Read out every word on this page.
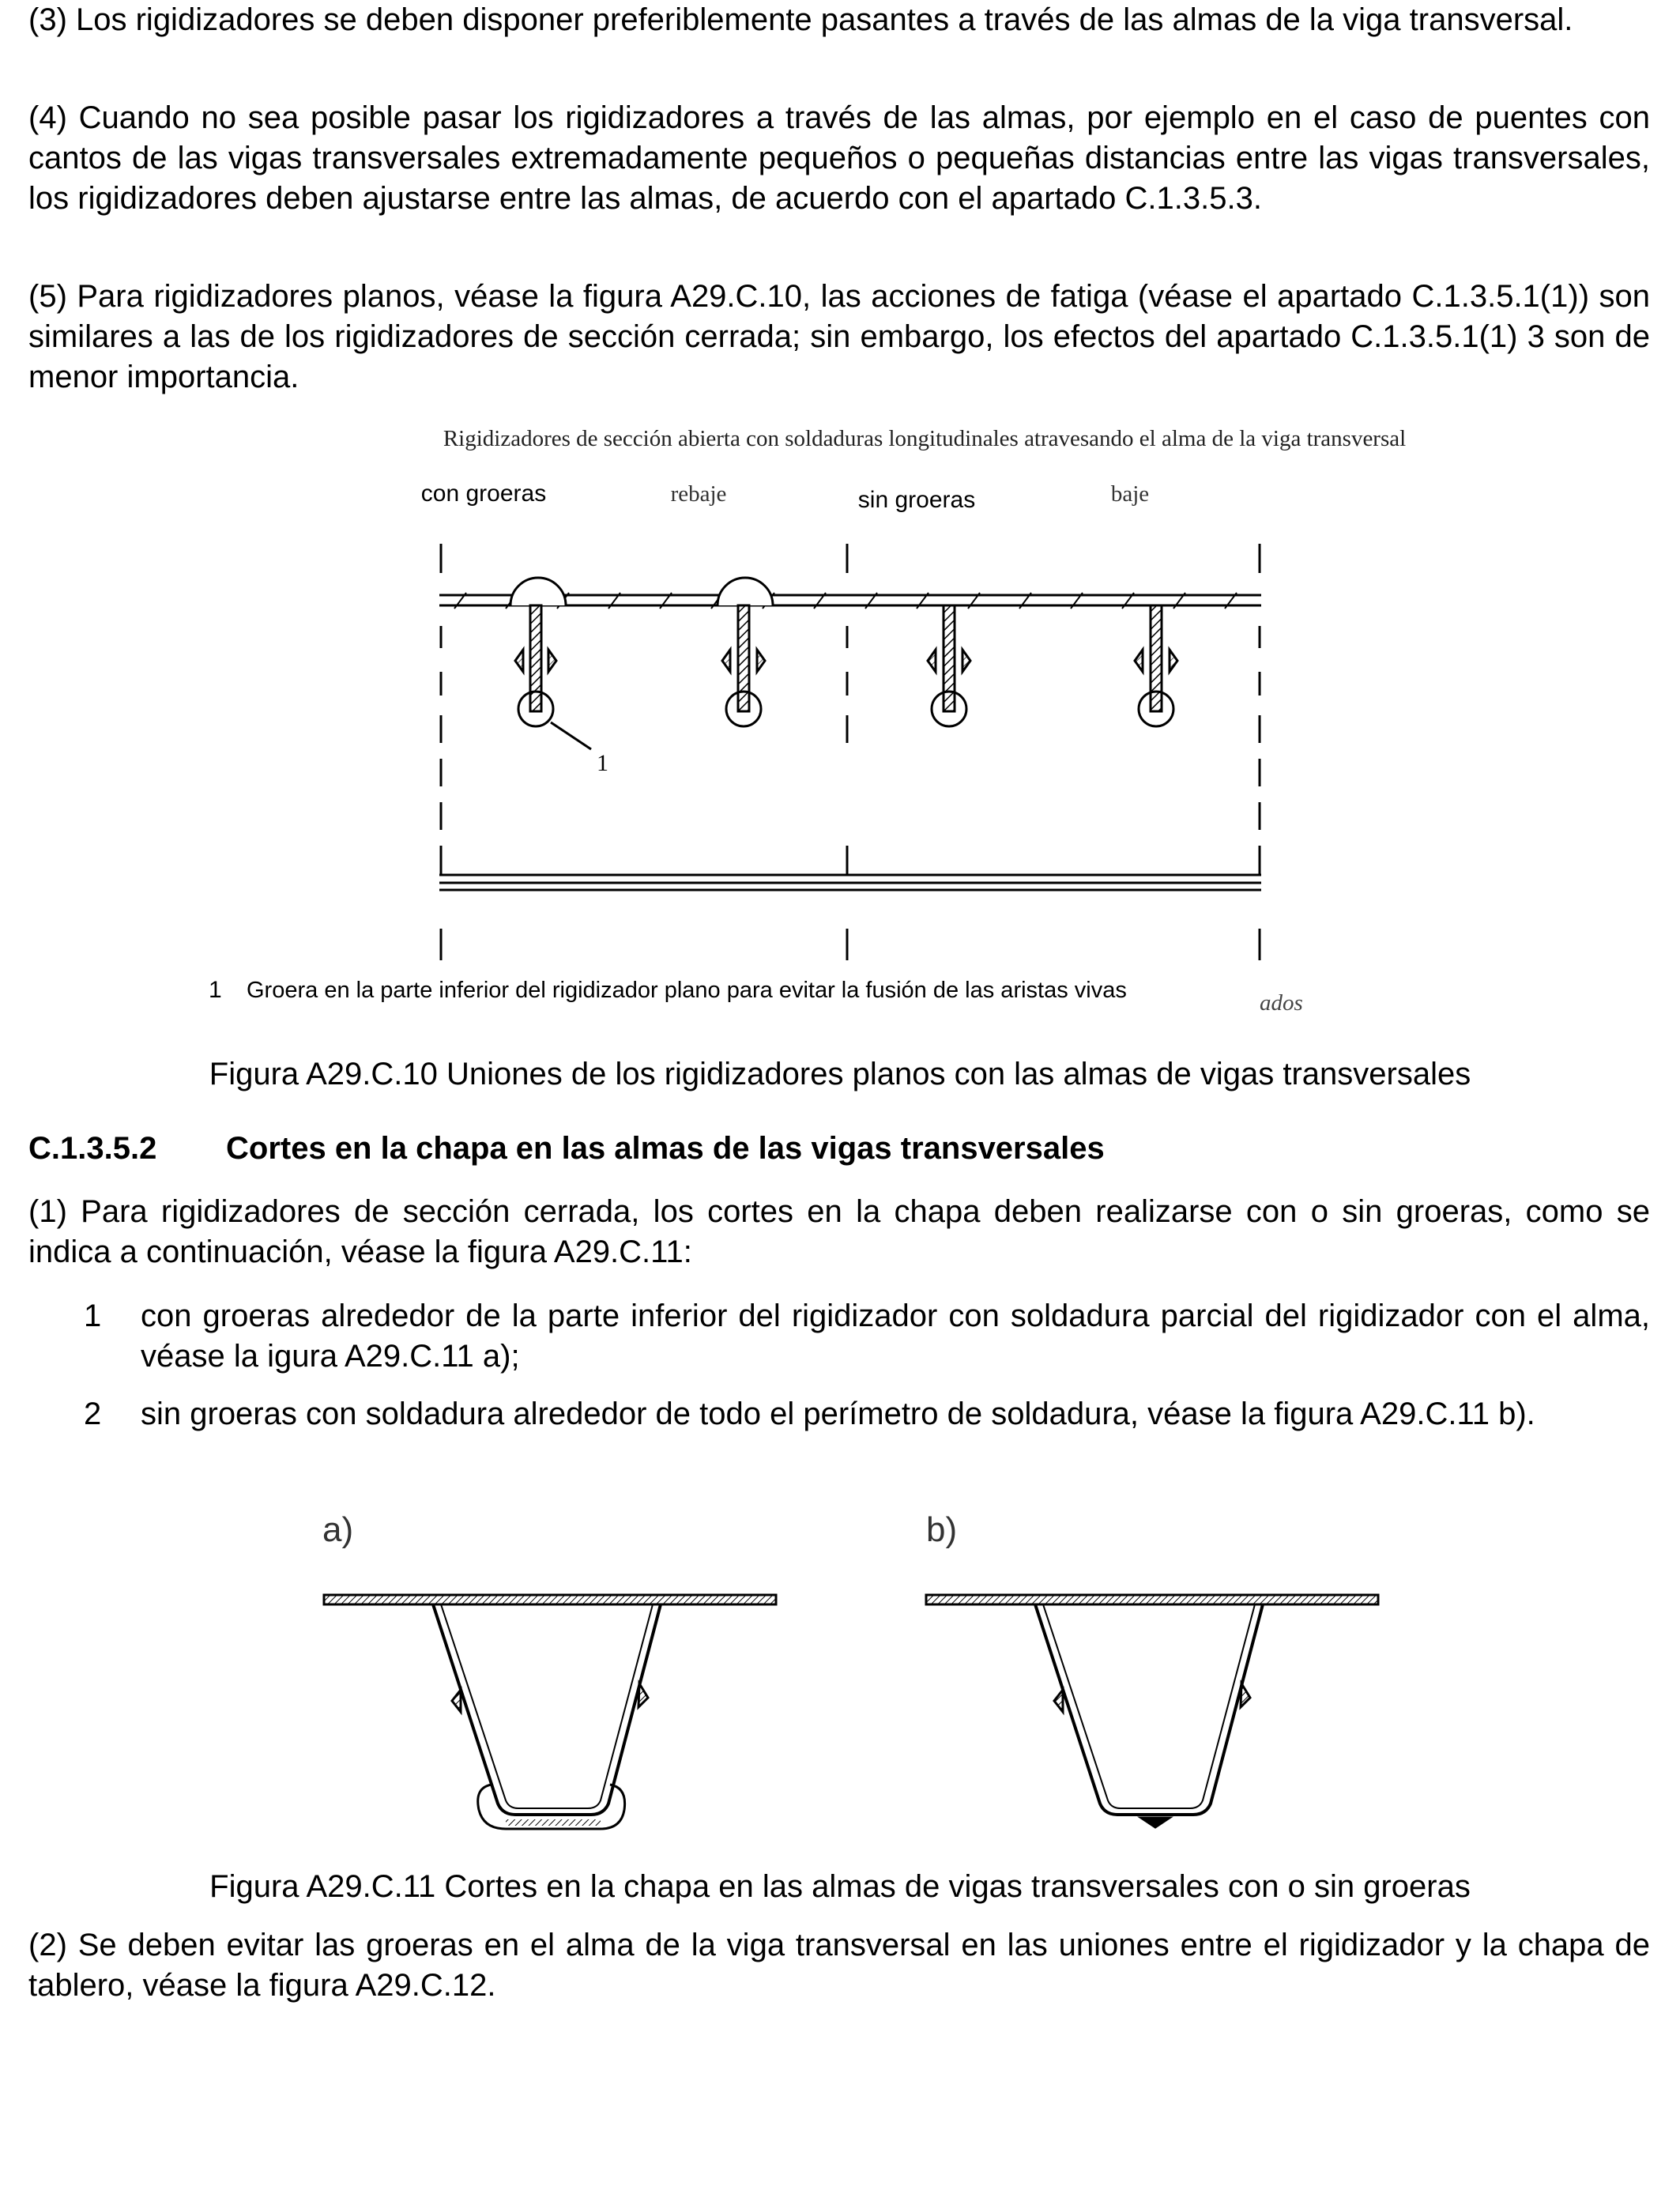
(3) Los rigidizadores se deben disponer preferiblemente pasantes a través de las almas de la viga transversal.

(4) Cuando no sea posible pasar los rigidizadores a través de las almas, por ejemplo en el caso de puentes con cantos de las vigas transversales extremadamente pequeños o pequeñas distancias entre las vigas transversales, los rigidizadores deben ajustarse entre las almas, de acuerdo con el apartado C.1.3.5.3.

(5) Para rigidizadores planos, véase la figura A29.C.10, las acciones de fatiga (véase el apartado C.1.3.5.1(1)) son similares a las de los rigidizadores de sección cerrada; sin embargo, los efectos del apartado C.1.3.5.1(1) 3 son de menor importancia.

Rigidizadores de sección abierta con soldaduras longitudinales atravesando el alma de la viga transversal
con groeras	rebaje	sin groeras	baje
1
1 Groera en la parte inferior del rigidizador plano para evitar la fusión de las aristas vivas	ados
Figura A29.C.10 Uniones de los rigidizadores planos con las almas de vigas transversales
C.1.3.5.2 Cortes en la chapa en las almas de las vigas transversales

(1) Para rigidizadores de sección cerrada, los cortes en la chapa deben realizarse con o sin groeras, como se indica a continuación, véase la figura A29.C.11:

1 con groeras alrededor de la parte inferior del rigidizador con soldadura parcial del rigidizador con el alma, véase la igura A29.C.11 a);

2 sin groeras con soldadura alrededor de todo el perímetro de soldadura, véase la figura A29.C.11 b).

a)	b)
Figura A29.C.11 Cortes en la chapa en las almas de vigas transversales con o sin groeras

(2) Se deben evitar las groeras en el alma de la viga transversal en las uniones entre el rigidizador y la chapa de tablero, véase la figura A29.C.12.
